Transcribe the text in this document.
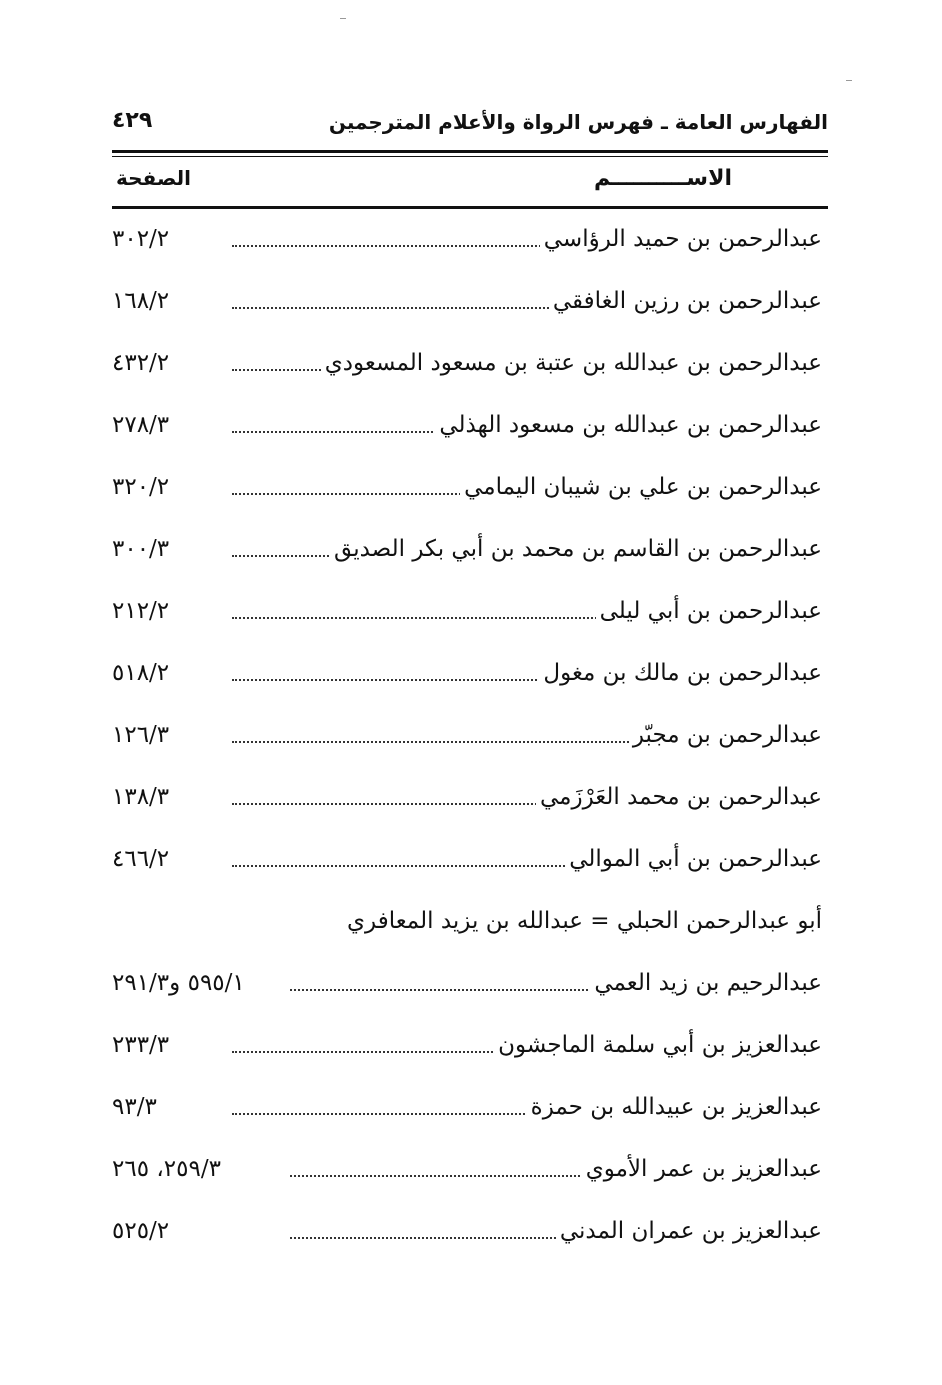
الفهارس العامة ـ فهرس الرواة والأعلام المترجمين
٤٢٩
الاســــــــــم
الصفحة
عبدالرحمن بن حميد الرؤاسي
٣٠٢/٢
عبدالرحمن بن رزين الغافقي
١٦٨/٢
عبدالرحمن بن عبدالله بن عتبة بن مسعود المسعودي
٤٣٢/٢
عبدالرحمن بن عبدالله بن مسعود الهذلي
٢٧٨/٣
عبدالرحمن بن علي بن شيبان اليمامي
٣٢٠/٢
عبدالرحمن بن القاسم بن محمد بن أبي بكر الصديق
٣٠٠/٣
عبدالرحمن بن أبي ليلى
٢١٢/٢
عبدالرحمن بن مالك بن مغول
٥١٨/٢
عبدالرحمن بن مجبّر
١٢٦/٣
عبدالرحمن بن محمد العَرْزَمي
١٣٨/٣
عبدالرحمن بن أبي الموالي
٤٦٦/٢
أبو عبدالرحمن الحبلي = عبدالله بن يزيد المعافري
عبدالرحيم بن زيد العمي
٥٩٥/١ و٢٩١/٣
عبدالعزيز بن أبي سلمة الماجشون
٢٣٣/٣
عبدالعزيز بن عبيدالله بن حمزة
٩٣/٣
عبدالعزيز بن عمر الأموي
٢٥٩/٣، ٢٦٥
عبدالعزيز بن عمران المدني
٥٢٥/٢
